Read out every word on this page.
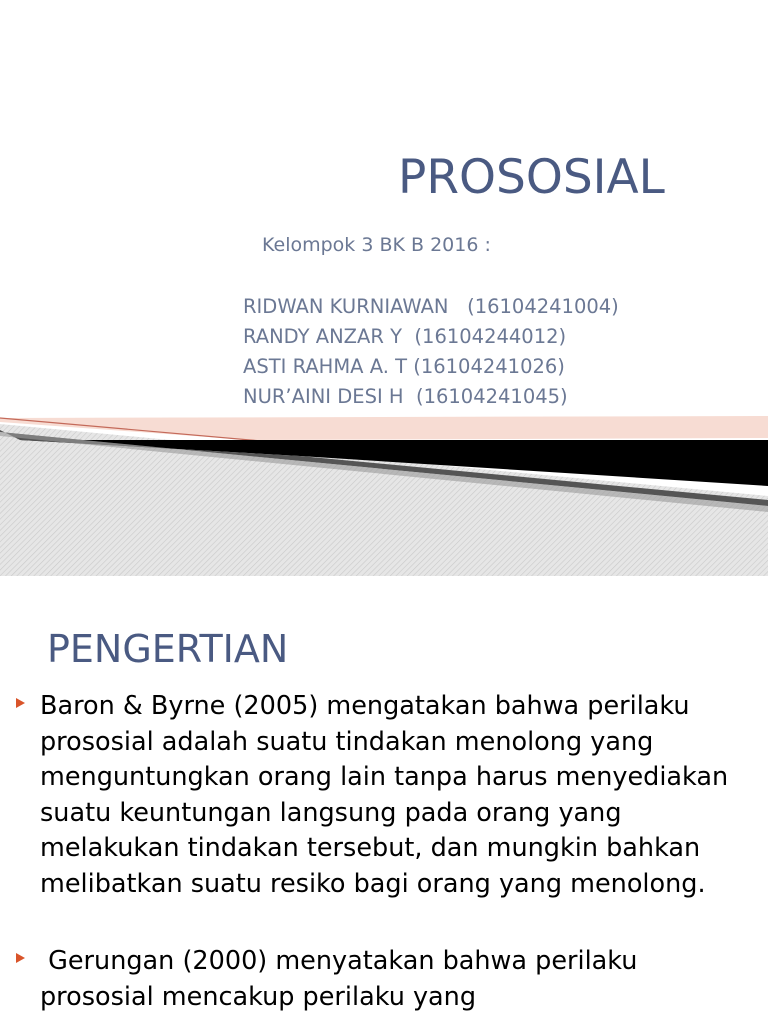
PROSOSIAL
Kelompok 3 BK B 2016 :
RIDWAN KURNIAWAN   (16104241004)
RANDY ANZAR Y  (16104244012)
ASTI RAHMA A. T (16104241026)
NUR’AINI DESI H  (16104241045)
PENGERTIAN
Baron & Byrne (2005) mengatakan bahwa perilaku prososial adalah suatu tindakan menolong yang menguntungkan orang lain tanpa harus menyediakan suatu keuntungan langsung pada orang yang melakukan tindakan tersebut, dan mungkin bahkan melibatkan suatu resiko bagi orang yang menolong.
Gerungan (2000) menyatakan bahwa perilaku prososial mencakup perilaku yang
